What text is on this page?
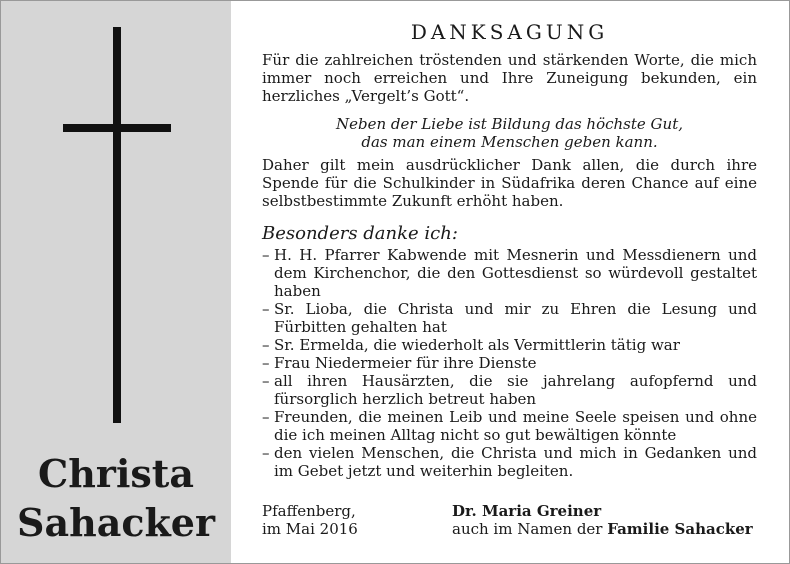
Christa
Sahacker
DANKSAGUNG
Für die zahlreichen tröstenden und stärkenden Worte, die mich immer noch erreichen und Ihre Zuneigung bekunden, ein herzliches „Vergelt’s Gott“.
Neben der Liebe ist Bildung das höchste Gut,
das man einem Menschen geben kann.
Daher gilt mein ausdrücklicher Dank allen, die durch ihre Spende für die Schulkinder in Südafrika deren Chance auf eine selbstbestimmte Zukunft erhöht haben.
Besonders danke ich:
– H. H. Pfarrer Kabwende mit Mesnerin und Messdienern und dem Kirchenchor, die den Gottesdienst so würdevoll gestaltet haben
– Sr. Lioba, die Christa und mir zu Ehren die Lesung und Fürbitten gehalten hat
– Sr. Ermelda, die wiederholt als Vermittlerin tätig war
– Frau Niedermeier für ihre Dienste
– all ihren Hausärzten, die sie jahrelang aufopfernd und fürsorglich herzlich betreut haben
– Freunden, die meinen Leib und meine Seele speisen und ohne die ich meinen Alltag nicht so gut bewältigen könnte
– den vielen Menschen, die Christa und mich in Gedanken und im Gebet jetzt und weiterhin begleiten.
Pfaffenberg,
im Mai 2016
Dr. Maria Greiner
auch im Namen der Familie Sahacker
